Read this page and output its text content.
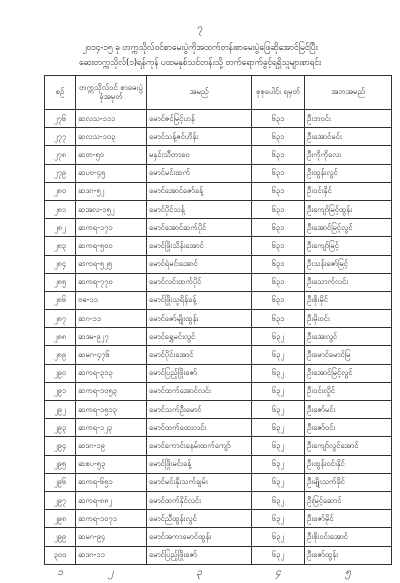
၇
၂၀၁၄-၁၅ ခု တက္ကသိုလ်ဝင်စာမေးပွဲကိုအထက်တန်းစာမေးပွဲဖြေဆိုအောင်မြင်ပြီး
ဆေးတက္ကသိုလ်(၁)ရန်ကုန် ပထမနှစ်သင်တန်းသို့ တက်ရောက်ခွင့်ရရှိသူများစာရင်း
စဉ်	တက္ကသိုလ်ဝင် စာမေးပွဲခုံအမှတ်	အမည်	စုစုပေါင်း ရမှတ်	အဘအမည်
၂၇၆	ဆလသ-၁၁၁	မောင်ဇင်မြင့်ဟန်	၆၃၁	ဦးဘဝင်း
၂၇၇	ဆလသ-၁၀၃	မောင်သန့်ဇင်ဟိန်း	၆၃၁	ဦးအောင်မင်း
၂၇၈	ဆတ-၅၀	မနှင်းသီတာဝေ	၆၃၁	ဦးကိုကိုလေး
၂၇၉	ဆပဗ-၄၅	မောင်မင်းထက်	၆၃၁	ဦးထွန်းလွင်
၂၈၀	ဆဒဂ-၅၂	မောင်အောင်ဇော်ခန့်	၆၃၁	ဦးဝင်းနိုင်
၂၈၁	ဆအလ-၁၅၂	မောင်ပိုင်သန့်	၆၃၁	ဦးကျော်မြင့်ထွန်း
၂၈၂	ဆကရ-၁၇၁	မောင်အောင်ဆက်ပိုင်	၆၃၁	ဦးအောင်မြင့်လွင်
၂၈၃	ဆကရ-၅၀၀	မောင်ဖြိုးသိန်းအောင်	၆၃၁	ဦးကျော်မြင့်
၂၈၄	ဆကရ-၅၂၅	မောင်ရဲမင်းအောင်	၆၃၁	ဦးသန်းဇော်မြင့်
၂၈၅	ဆကရ-၇၇၀	မောင်လင်းထက်ပိုင်	၆၃၁	ဦးသောက်လင်း
၂၈၆	ဗဓ-၁၁	မောင်ဖြိုးသူရိန်ခန့်	၆၃၁	ဦးစိုးမိုင်
၂၈၇	ဆဂ-၁၁	မောင်ဇော်မျိုးထွန်း	၆၃၁	ဦးမိုးဝင်း
၂၈၈	ဆဒမ-၉၂၇	မောင်ရွှေမင်းလွင်	၆၃၂	ဦးအေးလွင်
၂၈၉	ဆမဂ-၄၇၆	မောင်ပိုင်းအောင်	၆၃၂	ဦးမောင်မောင်မြ
၂၉၀	ဆကရ-၃၁၃	မောင်ပြည့်ဖြိုးဇော်	၆၃၂	ဦးအောင်မြင့်လွင်
၂၉၁	ဆကရ-၁၀၅၃	မောင်ထက်အောင်လင်း	၆၃၂	ဦးဝင်းလှိုင်
၂၉၂	ဆကရ-၁၅၁၃	မောင်သက်ဦးမောင်	၆၃၂	ဦးဇော်မင်း
၂၉၃	ဆကရ-၁၂၃	မောင်ထက်ထေးလင်း	၆၃၂	ဦးဇော်ဝင်း
၂၉၄	ဆဒဂ-၁၉	မောင်ကောင်းနေမ်းထက်ကျော်	၆၃၂	ဦးကျော်လွင်အောင်
၂၉၅	ဆစပ-၅၃	မောင်ဖြိုးမင်းခန့်	၆၃၂	ဦးထွန်းဝင်းနိုင်
၂၉၆	ဆကရ-၆၅၁	မောင်မင်းနိုးသက်ချမ်း	၆၃၂	ဦးမျိုးသက်ခိုင်
၂၉၇	ဆကရ-၈၈၂	မောင်ထက်နိုင်လင်း	၆၃၂	ဦးမြင့်ဆောင်
၂၉၈	ဆကရ-၁၀၇၁	မောင်ညီထွန်းလွင်	၆၃၂	ဦးဇော်မိုင်
၂၉၉	ဆမဂ-၉၄	မောင်အကာမောင်ထွန်း	၆၃၂	ဦးစိုးဝင်းအောင်
၃၀၀	ဆဒဂ-၁၁	မောင်ပြည့်ဖြိုးဇော်	၆၃၂	ဦးဇော်ထွန်း
၁	၂	၃	၄	၅
